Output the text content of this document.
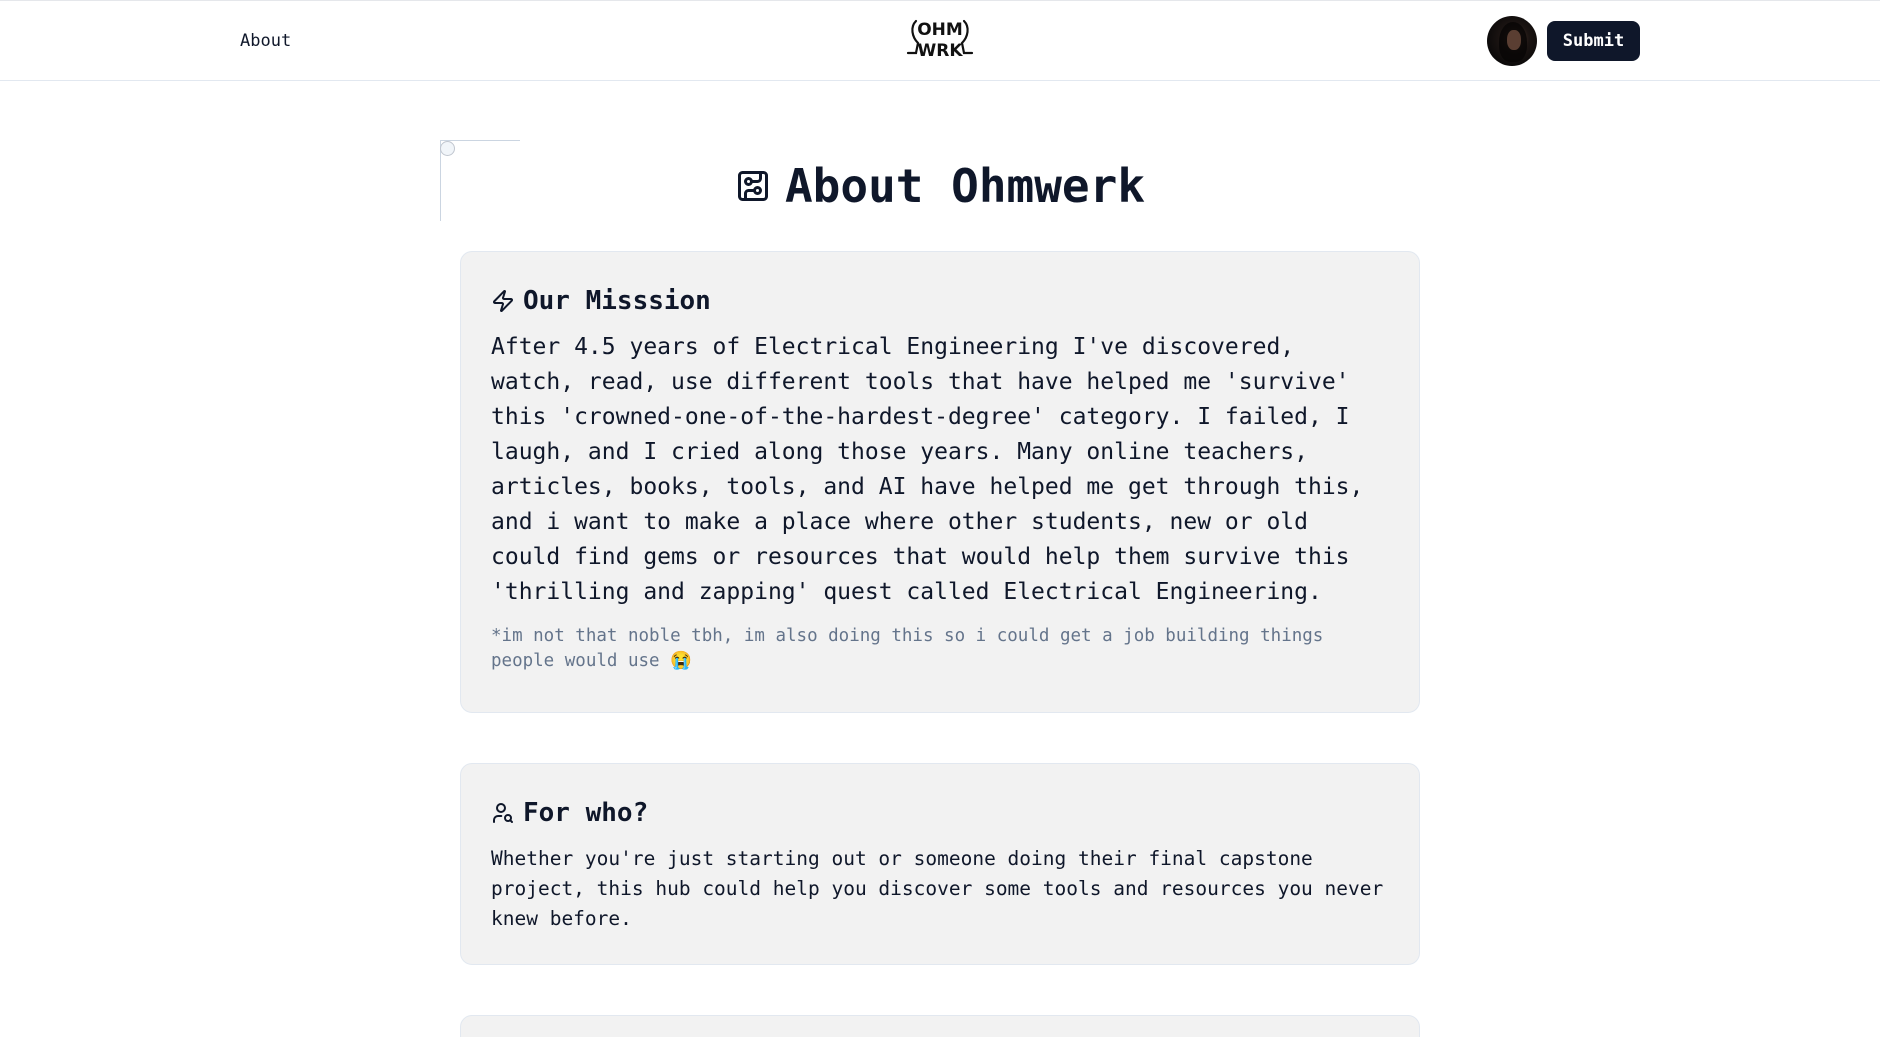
About
OHM
WRK	Submit
About Ohmwerk
Our Misssion

After 4.5 years of Electrical Engineering I've discovered, watch, read, use different tools that have helped me 'survive' this 'crowned-one-of-the-hardest-degree' category. I failed, I laugh, and I cried along those years. Many online teachers, articles, books, tools, and AI have helped me get through this, and i want to make a place where other students, new or old could find gems or resources that would help them survive this 'thrilling and zapping' quest called Electrical Engineering.

*im not that noble tbh, im also doing this so i could get a job building things people would use 😭

For who?

Whether you're just starting out or someone doing their final capstone project, this hub could help you discover some tools and resources you never knew before.
